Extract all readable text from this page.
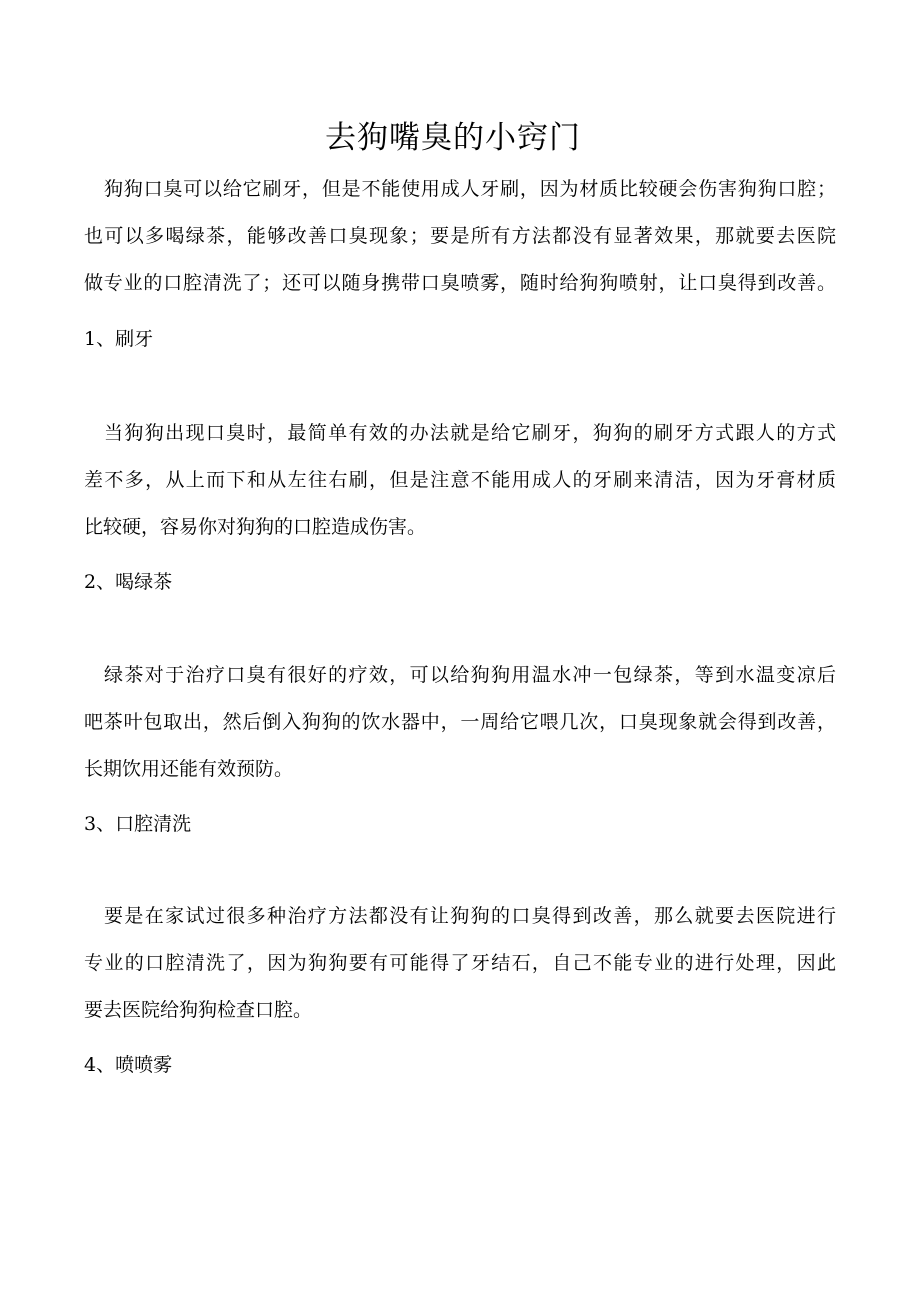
去狗嘴臭的小窍门
狗狗口臭可以给它刷牙，但是不能使用成人牙刷，因为材质比较硬会伤害狗狗口腔；
也可以多喝绿茶，能够改善口臭现象；要是所有方法都没有显著效果，那就要去医院
做专业的口腔清洗了；还可以随身携带口臭喷雾，随时给狗狗喷射，让口臭得到改善。
1、刷牙
当狗狗出现口臭时，最简单有效的办法就是给它刷牙，狗狗的刷牙方式跟人的方式
差不多，从上而下和从左往右刷，但是注意不能用成人的牙刷来清洁，因为牙膏材质
比较硬，容易你对狗狗的口腔造成伤害。
2、喝绿茶
绿茶对于治疗口臭有很好的疗效，可以给狗狗用温水冲一包绿茶，等到水温变凉后
吧茶叶包取出，然后倒入狗狗的饮水器中，一周给它喂几次，口臭现象就会得到改善，
长期饮用还能有效预防。
3、口腔清洗
要是在家试过很多种治疗方法都没有让狗狗的口臭得到改善，那么就要去医院进行
专业的口腔清洗了，因为狗狗要有可能得了牙结石，自己不能专业的进行处理，因此
要去医院给狗狗检查口腔。
4、喷喷雾
